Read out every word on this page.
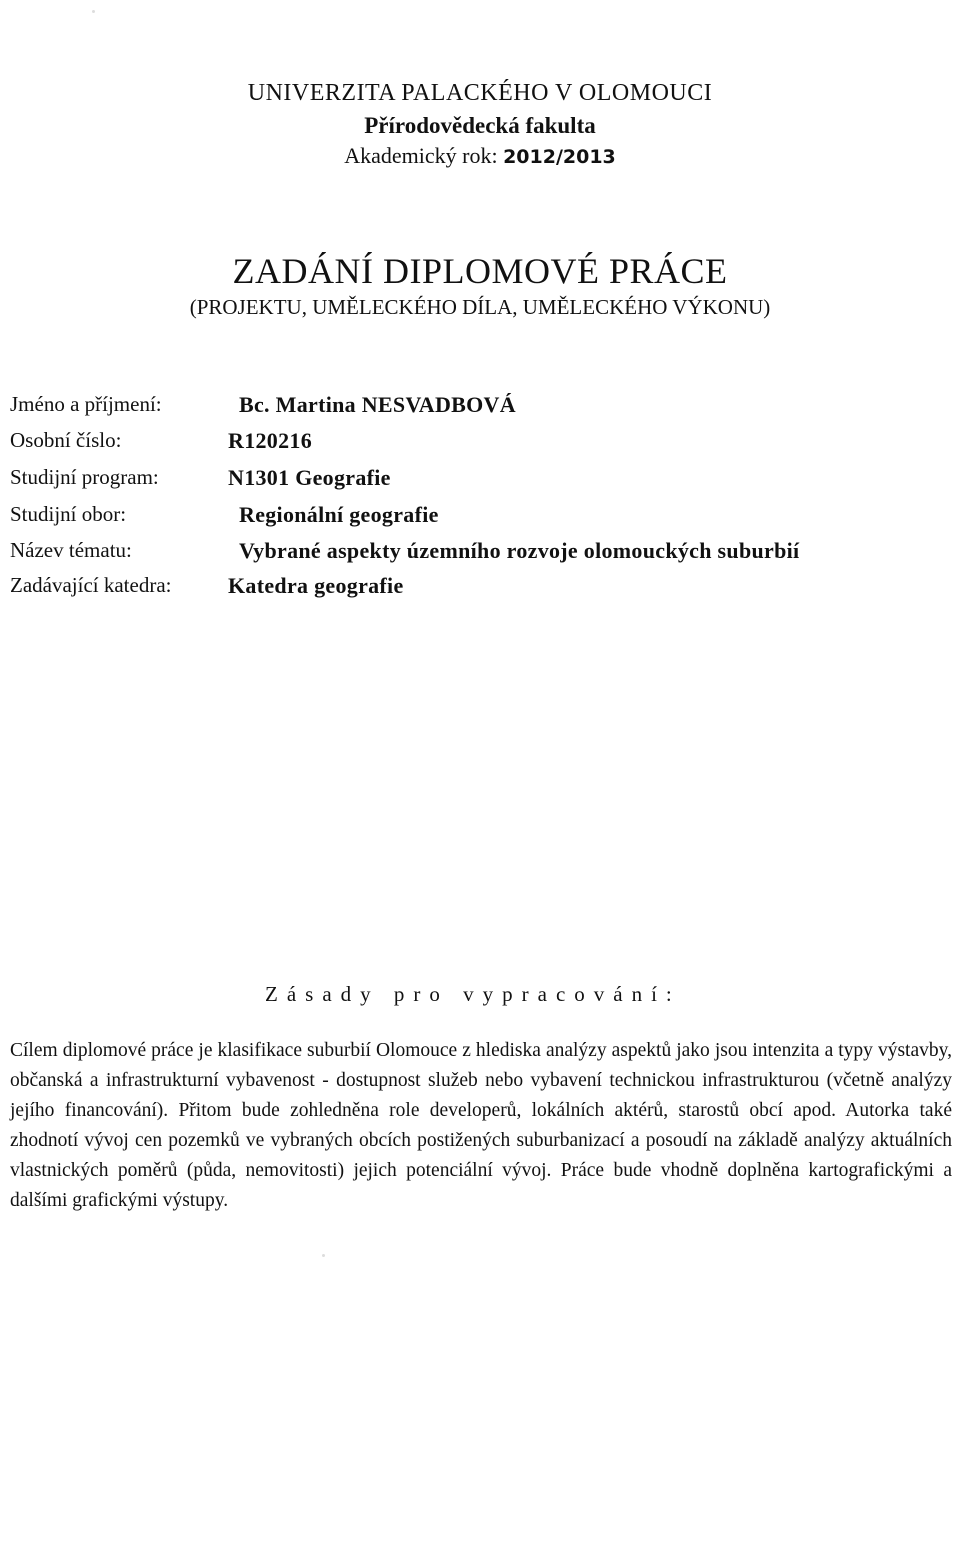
UNIVERZITA PALACKÉHO V OLOMOUCI
Přírodovědecká fakulta
Akademický rok: 2012/2013
ZADÁNÍ DIPLOMOVÉ PRÁCE
(PROJEKTU, UMĚLECKÉHO DÍLA, UMĚLECKÉHO VÝKONU)
Jméno a příjmení:	Bc. Martina NESVADBOVÁ
Osobní číslo:	R120216
Studijní program:	N1301 Geografie
Studijní obor:	Regionální geografie
Název tématu:	Vybrané aspekty územního rozvoje olomouckých suburbií
Zadávající katedra:	Katedra geografie
Zásady pro vypracování:
Cílem diplomové práce je klasifikace suburbií Olomouce z hlediska analýzy aspektů jako jsou intenzita a typy výstavby, občanská a infrastrukturní vybavenost - dostupnost služeb nebo vybavení technickou infrastrukturou (včetně analýzy jejího financování). Přitom bude zohledněna role developerů, lokálních aktérů, starostů obcí apod. Autorka také zhodnotí vývoj cen pozemků ve vybraných obcích postižených suburbanizací a posoudí na základě analýzy aktuálních vlastnických poměrů (půda, nemovitosti) jejich potenciální vývoj. Práce bude vhodně doplněna kartografickými a dalšími grafickými výstupy.
